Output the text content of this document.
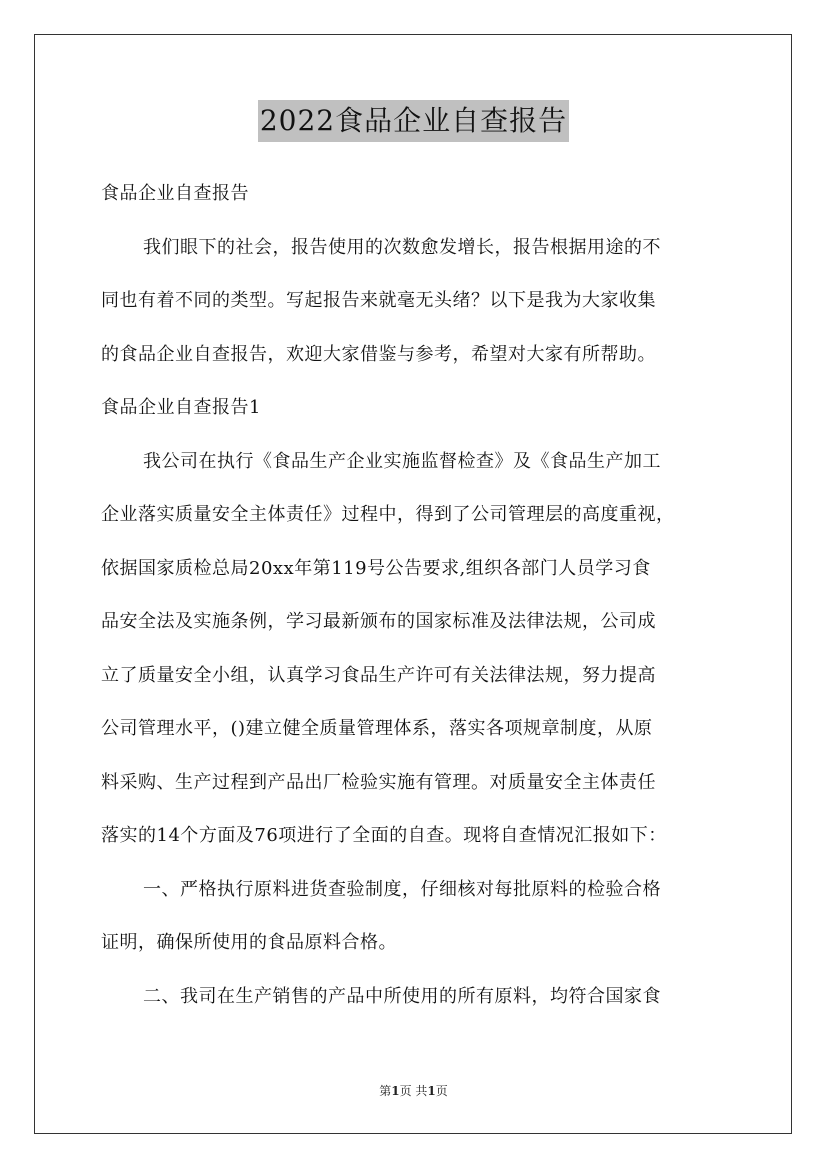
2022食品企业自查报告
食品企业自查报告
我们眼下的社会，报告使用的次数愈发增长，报告根据用途的不
同也有着不同的类型。写起报告来就毫无头绪？以下是我为大家收集
的食品企业自查报告，欢迎大家借鉴与参考，希望对大家有所帮助。
食品企业自查报告1
我公司在执行《食品生产企业实施监督检查》及《食品生产加工
企业落实质量安全主体责任》过程中，得到了公司管理层的高度重视，
依据国家质检总局20xx年第119号公告要求,组织各部门人员学习食
品安全法及实施条例，学习最新颁布的国家标准及法律法规，公司成
立了质量安全小组，认真学习食品生产许可有关法律法规，努力提高
公司管理水平，()建立健全质量管理体系，落实各项规章制度，从原
料采购、生产过程到产品出厂检验实施有管理。对质量安全主体责任
落实的14个方面及76项进行了全面的自查。现将自查情况汇报如下：
一、严格执行原料进货查验制度，仔细核对每批原料的检验合格
证明，确保所使用的食品原料合格。
二、我司在生产销售的产品中所使用的所有原料，均符合国家食
第1页 共1页
